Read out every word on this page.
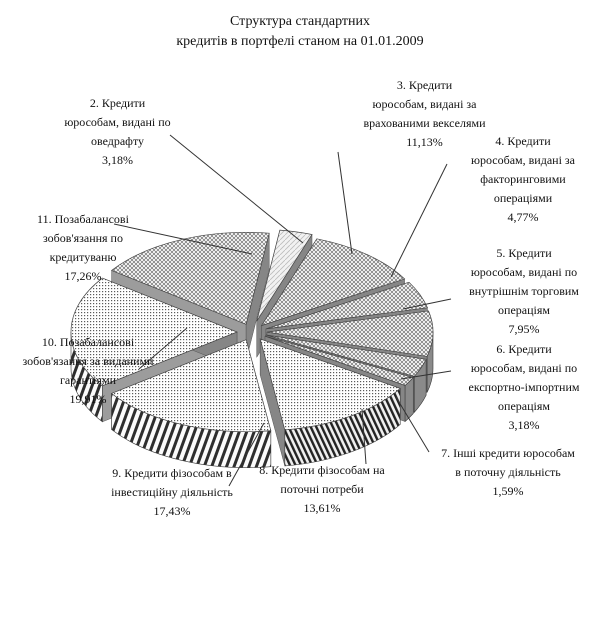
Структура стандартних
кредитів в портфелі станом на 01.01.2009
2. Кредити
юрособам, видані по
оведрафту
3,18%
3. Кредити
юрособам, видані за
врахованими векселями
11,13%	4. Кредити
юрособам, видані за
факторинговими
операціями
4,77%
5. Кредити
юрособам, видані по
внутрішнім торговим
операціям
7,95%
6. Кредити
юрособам, видані по
експортно-імпортним
операціям
3,18%
7. Інші кредити юрособам
в поточну діяльність
1,59%
8. Кредити фізособам на
поточні потреби
13,61%
9. Кредити фізособам в
інвестиційну діяльність
17,43%
10. Позабалансові
зобов'язання за виданими
гарантіями
19,91%
11. Позабалансові
зобов'язання по
кредитуваню
17,26%
